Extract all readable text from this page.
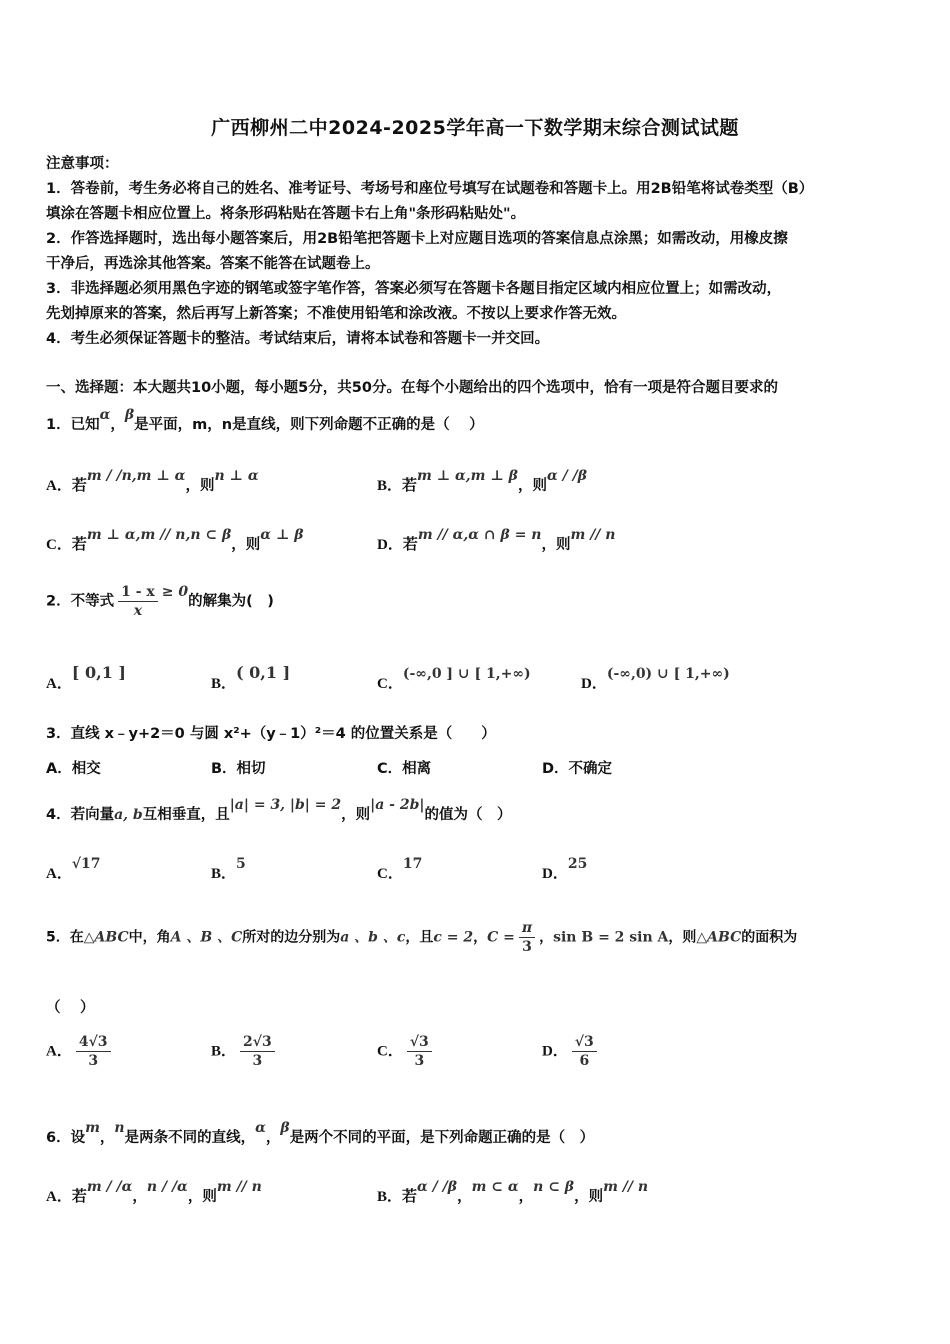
广西柳州二中2024-2025学年高一下数学期末综合测试试题
注意事项：
1．答卷前，考生务必将自己的姓名、准考证号、考场号和座位号填写在试题卷和答题卡上。用2B铅笔将试卷类型（B）
填涂在答题卡相应位置上。将条形码粘贴在答题卡右上角"条形码粘贴处"。
2．作答选择题时，选出每小题答案后，用2B铅笔把答题卡上对应题目选项的答案信息点涂黑；如需改动，用橡皮擦
干净后，再选涂其他答案。答案不能答在试题卷上。
3．非选择题必须用黑色字迹的钢笔或签字笔作答，答案必须写在答题卡各题目指定区域内相应位置上；如需改动，
先划掉原来的答案，然后再写上新答案；不准使用铅笔和涂改液。不按以上要求作答无效。
4．考生必须保证答题卡的整洁。考试结束后，请将本试卷和答题卡一并交回。
一、选择题：本大题共10小题，每小题5分，共50分。在每个小题给出的四个选项中，恰有一项是符合题目要求的
1．已知α，β是平面，m，n是直线，则下列命题不正确的是（　 ）
A．若m / /n,m ⊥ α，则n ⊥ α
B．若m ⊥ α,m ⊥ β，则α / /β
C．若m ⊥ α,m // n,n ⊂ β，则α ⊥ β
D．若m // α,α ∩ β = n，则m // n
2．不等式 $\frac{1 - x}{x} \ge 0$的解集为(　)
A．[ 0,1 ]
B．( 0,1 ]
C．(-∞,0 ] ∪ [ 1,+∞)
D．(-∞,0) ∪ [ 1,+∞)
3．直线 x﹣y+2＝0 与圆 x²+（y﹣1）²＝4 的位置关系是（　　）
A．相交	B．相切	C．相离	D．不确定
4．若向量a, b互相垂直，且|a| = 3, |b| = 2，则|a - 2b|的值为（　）
A．√17
B．5
C．17
D．25
5．在△ABC中，角A 、B 、C所对的边分别为a 、b 、c，且c = 2，$C = \frac{\pi}{3}$ ，sin B = 2 sin A，则△ABC的面积为
（　 ）
A． $\frac{4√3}{3}$	B． $\frac{2√3}{3}$	C． $\frac{√3}{3}$	D． $\frac{√3}{6}$
6．设m，n是两条不同的直线，α，β是两个不同的平面，是下列命题正确的是（　）
A．若m / /α，n / /α，则m // n
B．若α / /β，m ⊂ α，n ⊂ β，则m // n
